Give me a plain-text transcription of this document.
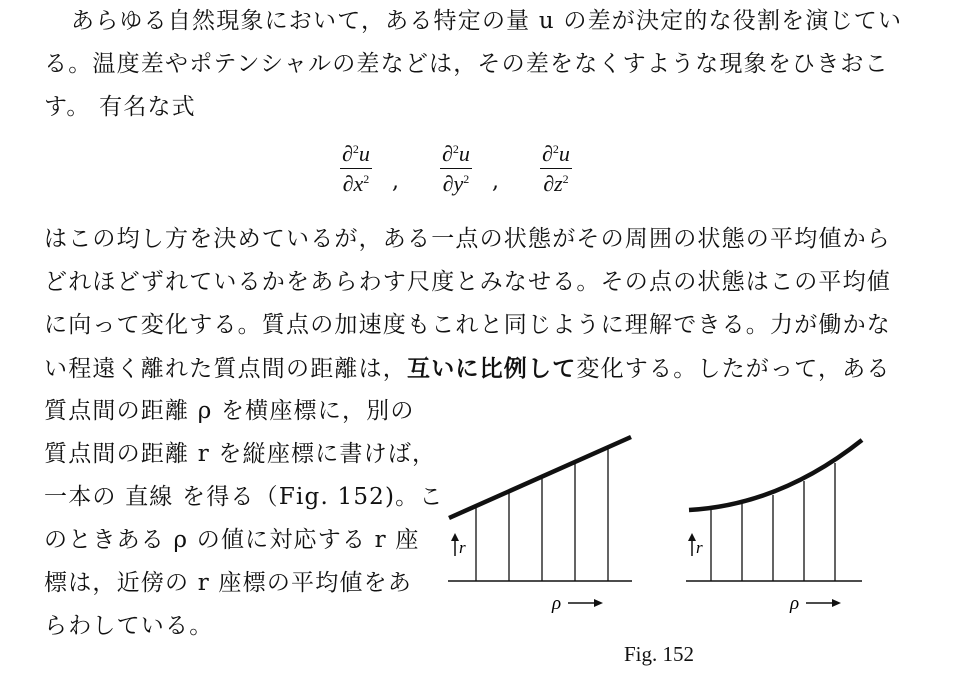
あらゆる自然現象において，ある特定の量 u の差が決定的な役割を演じてい
る。温度差やポテンシャルの差などは，その差をなくすような現象をひきおこ
す。 有名な式
$\frac{\partial^2u}{\partial x^2}$ , $\frac{\partial^2u}{\partial y^2}$ , $\frac{\partial^2u}{\partial z^2}$
はこの均し方を決めているが，ある一点の状態がその周囲の状態の平均値から
どれほどずれているかをあらわす尺度とみなせる。その点の状態はこの平均値
に向って変化する。質点の加速度もこれと同じように理解できる。力が働かな
い程遠く離れた質点間の距離は，互いに比例して変化する。したがって，ある
質点間の距離 ρ を横座標に，別の
質点間の距離 r を縦座標に書けば，
一本の 直線 を得る（Fig. 152)。こ
のときある ρ の値に対応する r 座
標は，近傍の r 座標の平均値をあ
らわしている。
r
ρ
r
ρ
Fig. 152
